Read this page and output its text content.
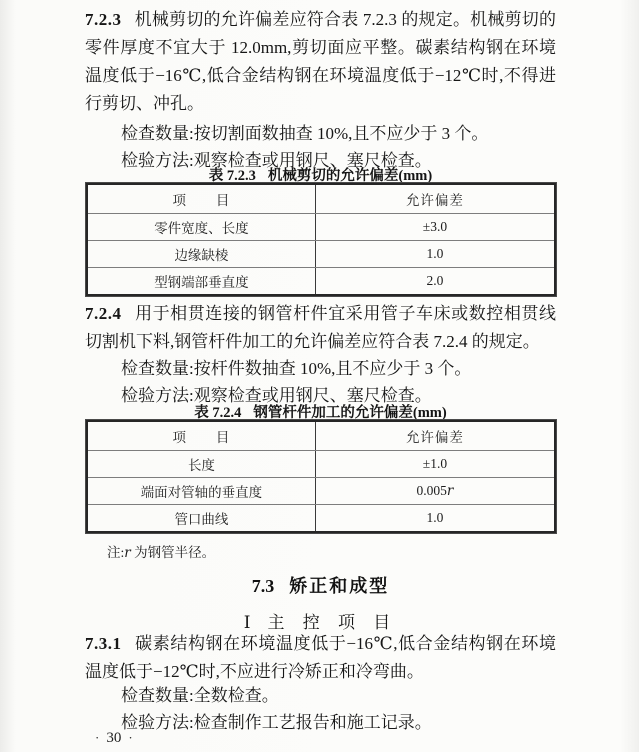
7.2.3 机械剪切的允许偏差应符合表 7.2.3 的规定。机械剪切的零件厚度不宜大于 12.0mm,剪切面应平整。碳素结构钢在环境温度低于−16℃,低合金结构钢在环境温度低于−12℃时,不得进行剪切、冲孔。

检查数量:按切割面数抽查 10%,且不应少于 3 个。

检验方法:观察检查或用钢尺、塞尺检查。

表 7.2.3 机械剪切的允许偏差(mm)

项　　目	允许偏差
零件宽度、长度	±3.0
边缘缺棱	1.0
型钢端部垂直度	2.0

7.2.4 用于相贯连接的钢管杆件宜采用管子车床或数控相贯线切割机下料,钢管杆件加工的允许偏差应符合表 7.2.4 的规定。

检查数量:按杆件数抽查 10%,且不应少于 3 个。

检验方法:观察检查或用钢尺、塞尺检查。

表 7.2.4 钢管杆件加工的允许偏差(mm)

项　　目	允许偏差
长度	±1.0
端面对管轴的垂直度	0.005r
管口曲线	1.0

注:r 为钢管半径。

7.3 矫正和成型

Ⅰ 主 控 项 目

7.3.1 碳素结构钢在环境温度低于−16℃,低合金结构钢在环境温度低于−12℃时,不应进行冷矫正和冷弯曲。

检查数量:全数检查。

检验方法:检查制作工艺报告和施工记录。

· 30 ·
